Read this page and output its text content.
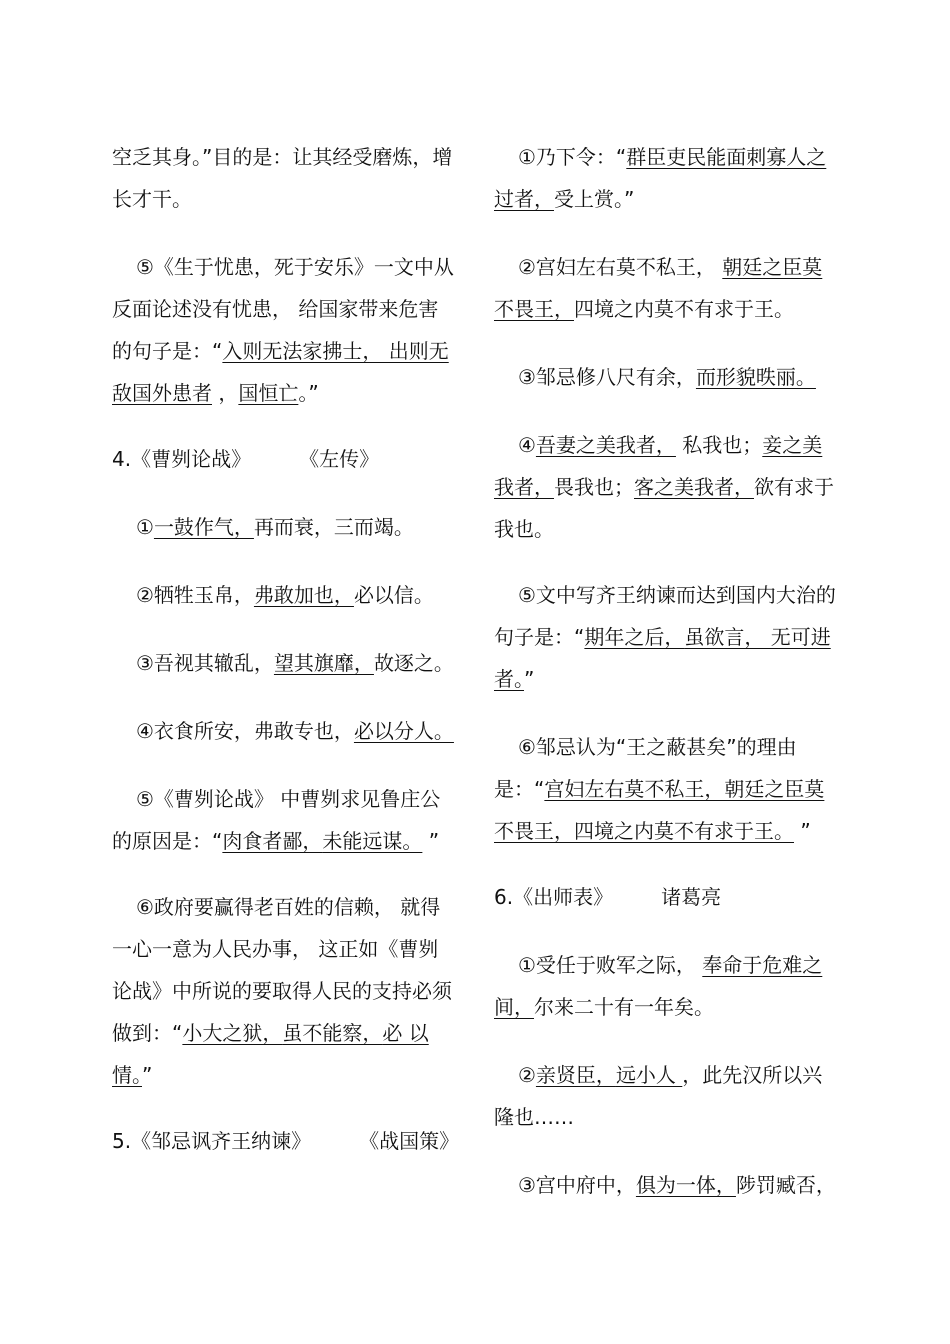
空乏其身。”目的是：让其经受磨炼，增长才干。

⑤《生于忧患，死于安乐》一文中从反面论述没有忧患， 给国家带来危害的句子是：“入则无法家拂士， 出则无敌国外患者 ，国恒亡。”

4.《曹刿论战》 《左传》

①一鼓作气，再而衰，三而竭。

②牺牲玉帛，弗敢加也，必以信。

③吾视其辙乱，望其旗靡，故逐之。

④衣食所安，弗敢专也，必以分人。

⑤《曹刿论战》 中曹刿求见鲁庄公的原因是：“肉食者鄙，未能远谋。 ”

⑥政府要赢得老百姓的信赖， 就得一心一意为人民办事， 这正如《曹刿论战》中所说的要取得人民的支持必须做到：“小大之狱，虽不能察，必 以情。”

5.《邹忌讽齐王纳谏》 《战国策》

①乃下令：“群臣吏民能面刺寡人之过者，受上赏。”

②宫妇左右莫不私王， 朝廷之臣莫不畏王，四境之内莫不有求于王。

③邹忌修八尺有余，而形貌昳丽。

④吾妻之美我者， 私我也；妾之美我者，畏我也；客之美我者，欲有求于我也。

⑤文中写齐王纳谏而达到国内大治的句子是：“期年之后，虽欲言， 无可进者。”

⑥邹忌认为“王之蔽甚矣”的理由是：“宫妇左右莫不私王，朝廷之臣莫不畏王，四境之内莫不有求于王。 ”

6.《出师表》 诸葛亮

①受任于败军之际， 奉命于危难之间，尔来二十有一年矣。

②亲贤臣，远小人 ，此先汉所以兴隆也……

③宫中府中，俱为一体，陟罚臧否，
